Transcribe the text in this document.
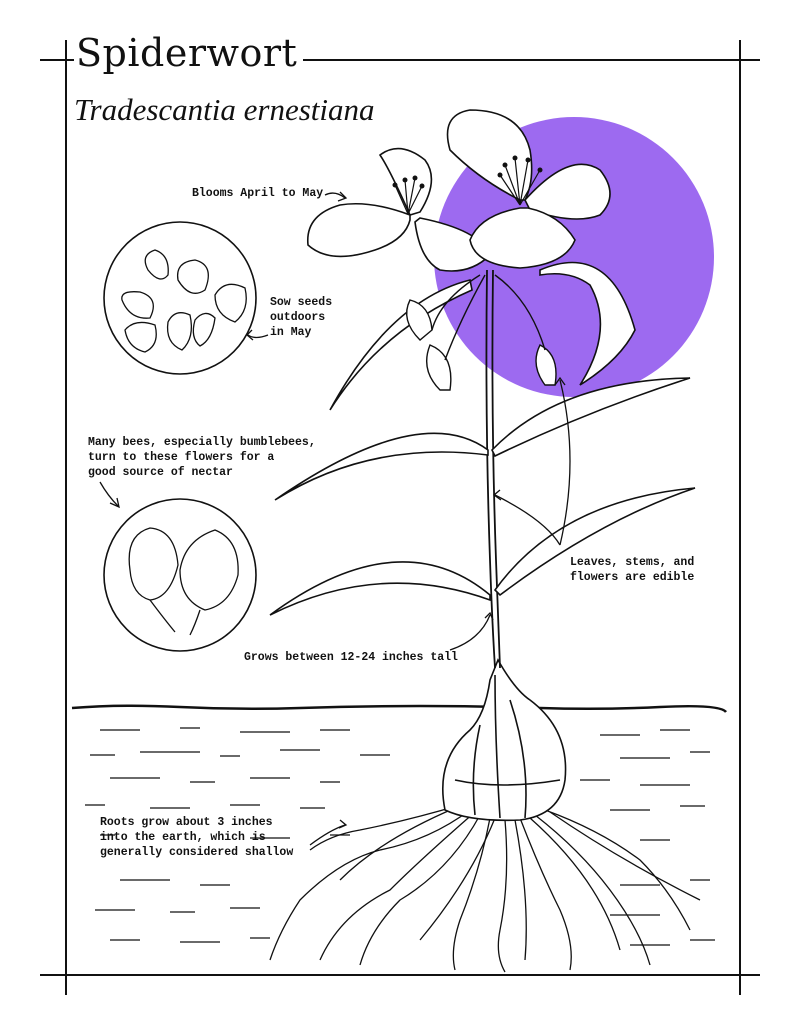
Spiderwort
Tradescantia ernestiana
Blooms April to May
Sow seeds
outdoors
in May
Many bees, especially bumblebees,
turn to these flowers for a
good source of nectar
Leaves, stems, and
flowers are edible
Grows between 12-24 inches tall
Roots grow about 3 inches
into the earth, which is
generally considered shallow
